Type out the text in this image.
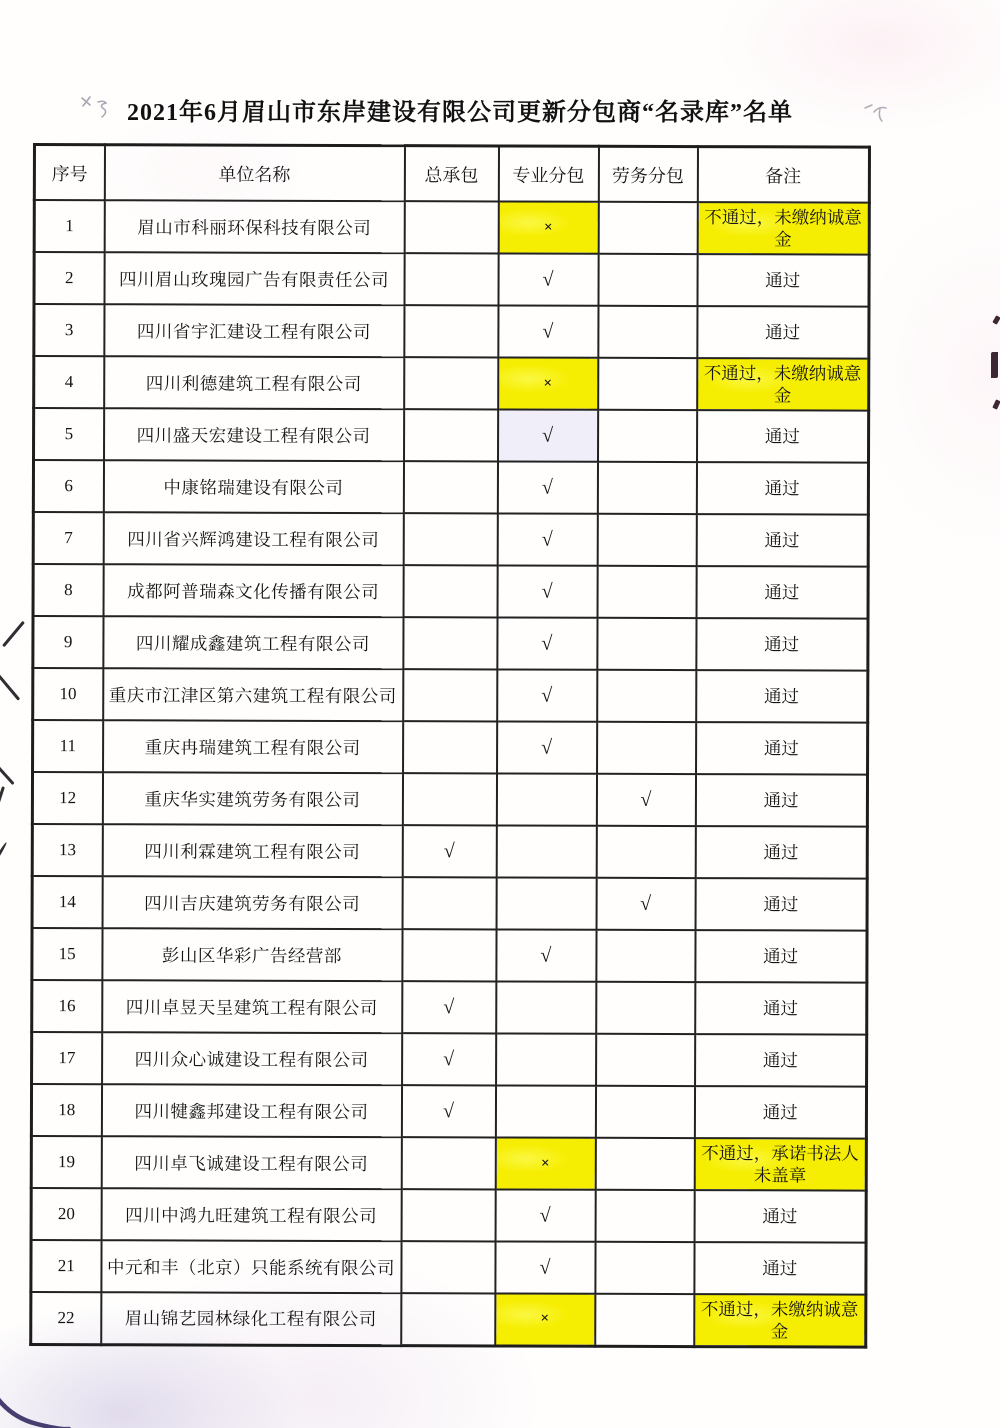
2021年6月眉山市东岸建设有限公司更新分包商“名录库”名单
序号	单位名称	总承包	专业分包	劳务分包	备注
1	眉山市科丽环保科技有限公司		×		不通过，未缴纳诚意金
2	四川眉山玫瑰园广告有限责任公司		√		通过
3	四川省宇汇建设工程有限公司		√		通过
4	四川利德建筑工程有限公司		×		不通过，未缴纳诚意金
5	四川盛天宏建设工程有限公司		√		通过
6	中康铭瑞建设有限公司		√		通过
7	四川省兴辉鸿建设工程有限公司		√		通过
8	成都阿普瑞森文化传播有限公司		√		通过
9	四川耀成鑫建筑工程有限公司		√		通过
10	重庆市江津区第六建筑工程有限公司		√		通过
11	重庆冉瑞建筑工程有限公司		√		通过
12	重庆华实建筑劳务有限公司			√	通过
13	四川利霖建筑工程有限公司	√			通过
14	四川吉庆建筑劳务有限公司			√	通过
15	彭山区华彩广告经营部		√		通过
16	四川卓昱天呈建筑工程有限公司	√			通过
17	四川众心诚建设工程有限公司	√			通过
18	四川犍鑫邦建设工程有限公司	√			通过
19	四川卓飞诚建设工程有限公司		×		不通过，承诺书法人未盖章
20	四川中鸿九旺建筑工程有限公司		√		通过
21	中元和丰（北京）只能系统有限公司		√		通过
22	眉山锦艺园林绿化工程有限公司		×		不通过，未缴纳诚意金
